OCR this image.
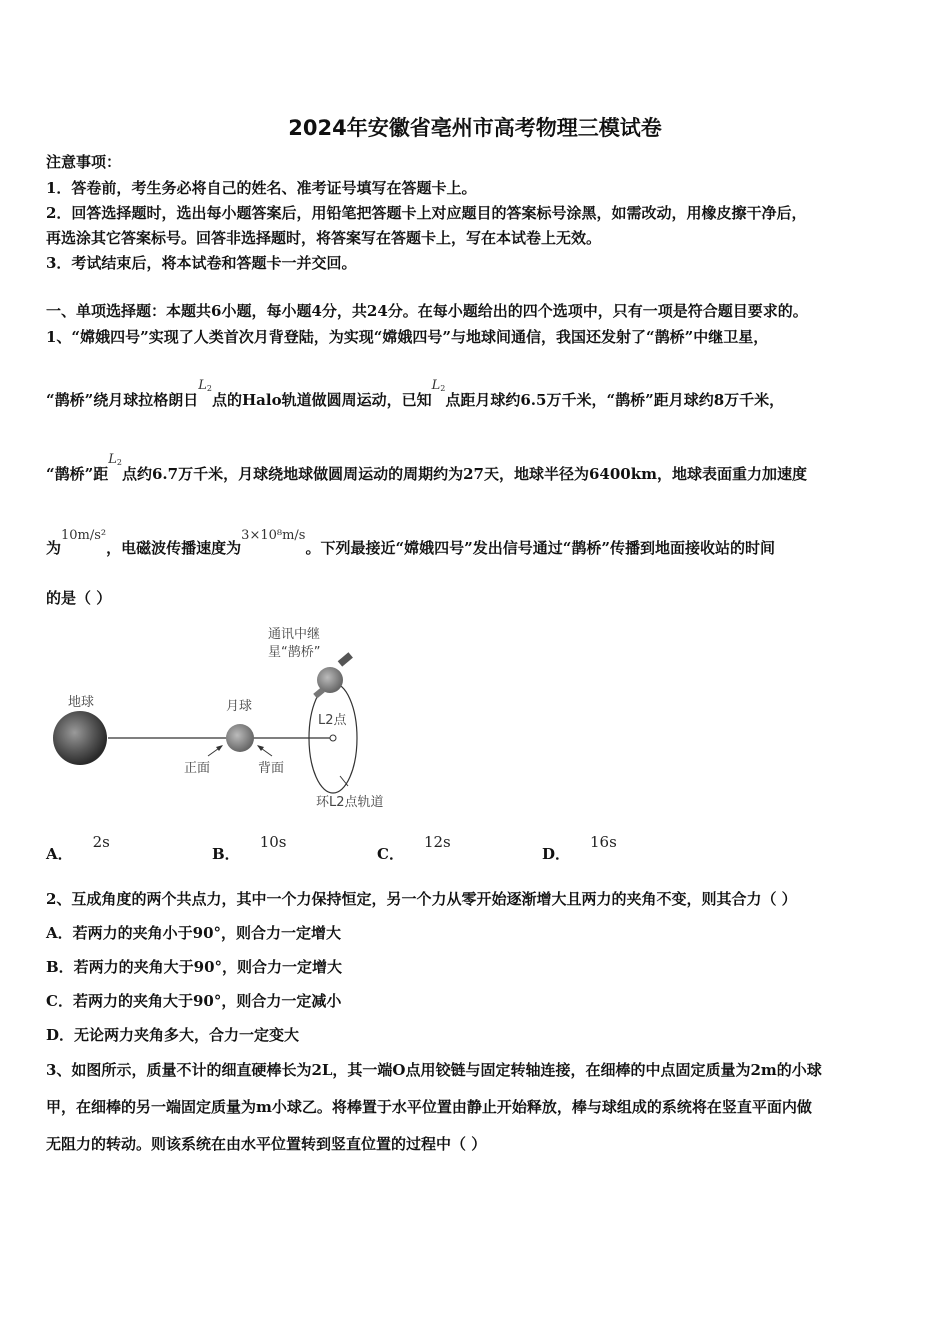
2024年安徽省亳州市高考物理三模试卷
注意事项：
1．答卷前，考生务必将自己的姓名、准考证号填写在答题卡上。
2．回答选择题时，选出每小题答案后，用铅笔把答题卡上对应题目的答案标号涂黑，如需改动，用橡皮擦干净后，
再选涂其它答案标号。回答非选择题时，将答案写在答题卡上，写在本试卷上无效。
3．考试结束后，将本试卷和答题卡一并交回。
一、单项选择题：本题共6小题，每小题4分，共24分。在每小题给出的四个选项中，只有一项是符合题目要求的。
1、“嫦娥四号”实现了人类首次月背登陆，为实现“嫦娥四号”与地球间通信，我国还发射了“鹊桥”中继卫星，
“鹊桥”绕月球拉格朗日L2点的Halo轨道做圆周运动，已知L2点距月球约6.5万千米，“鹊桥”距月球约8万千米，
“鹊桥”距L2点约6.7万千米，月球绕地球做圆周运动的周期约为27天，地球半径为6400km，地球表面重力加速度
为10m/s²，电磁波传播速度为3×10⁸m/s。下列最接近“嫦娥四号”发出信号通过“鹊桥”传播到地面接收站的时间
的是（ ）
地球	月球
正面	背面
L2点
通讯中继
星“鹊桥”
环L2点轨道
A．2s
B．10s
C．12s
D．16s
2、互成角度的两个共点力，其中一个力保持恒定，另一个力从零开始逐渐增大且两力的夹角不变，则其合力（ ）
A．若两力的夹角小于90°，则合力一定增大
B．若两力的夹角大于90°，则合力一定增大
C．若两力的夹角大于90°，则合力一定减小
D．无论两力夹角多大，合力一定变大
3、如图所示，质量不计的细直硬棒长为2L，其一端O点用铰链与固定转轴连接，在细棒的中点固定质量为2m的小球
甲，在细棒的另一端固定质量为m小球乙。将棒置于水平位置由静止开始释放，棒与球组成的系统将在竖直平面内做
无阻力的转动。则该系统在由水平位置转到竖直位置的过程中（ ）
